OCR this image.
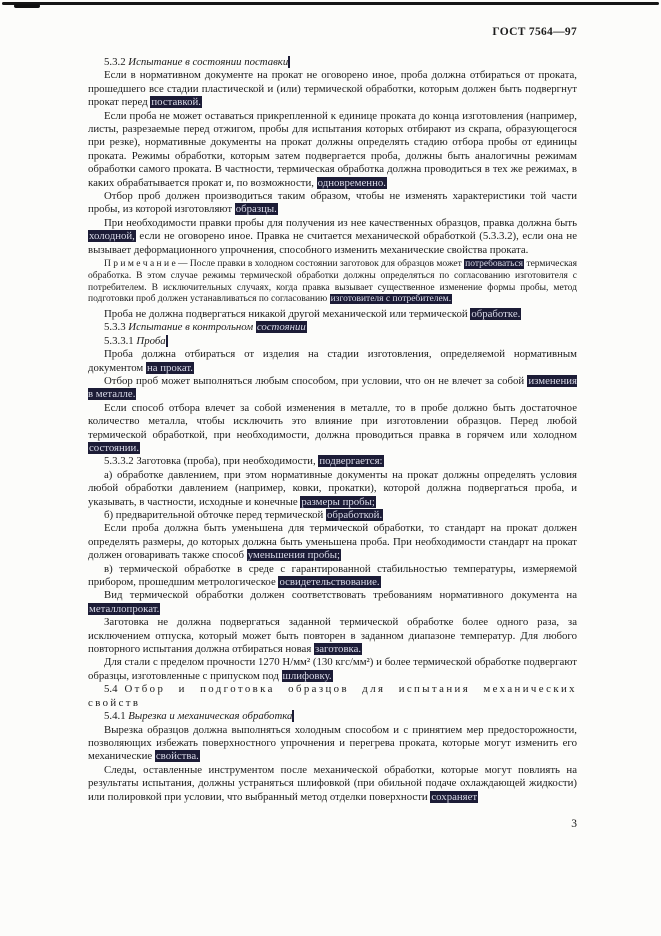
ГОСТ 7564—97

5.3.2 Испытание в состоянии поставки

Если в нормативном документе на прокат не оговорено иное, проба должна отбираться от проката, прошедшего все стадии пластической и (или) термической обработки, которым должен быть подвергнут прокат перед поставкой.

Если проба не может оставаться прикрепленной к единице проката до конца изготовления (например, листы, разрезаемые перед отжигом, пробы для испытания которых отбирают из скрапа, образующегося при резке), нормативные документы на прокат должны определять стадию отбора пробы от единицы проката. Режимы обработки, которым затем подвергается проба, должны быть аналогичны режимам обработки самого проката. В частности, термическая обработка должна проводиться в тех же режимах, в каких обрабатывается прокат и, по возможности, одновременно.

Отбор проб должен производиться таким образом, чтобы не изменять характеристики той части пробы, из которой изготовляют образцы.

При необходимости правки пробы для получения из нее качественных образцов, правка должна быть холодной, если не оговорено иное. Правка не считается механической обработкой (5.3.3.2), если она не вызывает деформационного упрочнения, способного изменить механические свойства проката.

П р и м е ч а н и е — После правки в холодном состоянии заготовок для образцов может потребоваться термическая обработка. В этом случае режимы термической обработки должны определяться по согласованию изготовителя с потребителем. В исключительных случаях, когда правка вызывает существенное изменение формы пробы, метод подготовки проб должен устанавливаться по согласованию изготовителя с потребителем.

Проба не должна подвергаться никакой другой механической или термической обработке.

5.3.3 Испытание в контрольном состоянии

5.3.3.1 Проба

Проба должна отбираться от изделия на стадии изготовления, определяемой нормативным документом на прокат.

Отбор проб может выполняться любым способом, при условии, что он не влечет за собой изменения в металле.

Если способ отбора влечет за собой изменения в металле, то в пробе должно быть достаточное количество металла, чтобы исключить это влияние при изготовлении образцов. Перед любой термической обработкой, при необходимости, должна проводиться правка в горячем или холодном состоянии.

5.3.3.2 Заготовка (проба), при необходимости, подвергается:

а) обработке давлением, при этом нормативные документы на прокат должны определять условия любой обработки давлением (например, ковки, прокатки), которой должна подвергаться проба, и указывать, в частности, исходные и конечные размеры пробы;

б) предварительной обточке перед термической обработкой.

Если проба должна быть уменьшена для термической обработки, то стандарт на прокат должен определять размеры, до которых должна быть уменьшена проба. При необходимости стандарт на прокат должен оговаривать также способ уменьшения пробы;

в) термической обработке в среде с гарантированной стабильностью температуры, измеряемой прибором, прошедшим метрологическое освидетельствование.

Вид термической обработки должен соответствовать требованиям нормативного документа на металлопрокат.

Заготовка не должна подвергаться заданной термической обработке более одного раза, за исключением отпуска, который может быть повторен в заданном диапазоне температур. Для любого повторного испытания должна отбираться новая заготовка.

Для стали с пределом прочности 1270 Н/мм² (130 кгс/мм²) и более термической обработке подвергают образцы, изготовленные с припуском под шлифовку.

5.4 Отбор и подготовка образцов для испытания механических свойств

5.4.1 Вырезка и механическая обработка

Вырезка образцов должна выполняться холодным способом и с принятием мер предосторожности, позволяющих избежать поверхностного упрочнения и перегрева проката, которые могут изменить его механические свойства.

Следы, оставленные инструментом после механической обработки, которые могут повлиять на результаты испытания, должны устраняться шлифовкой (при обильной подаче охлаждающей жидкости) или полировкой при условии, что выбранный метод отделки поверхности сохраняет

3
